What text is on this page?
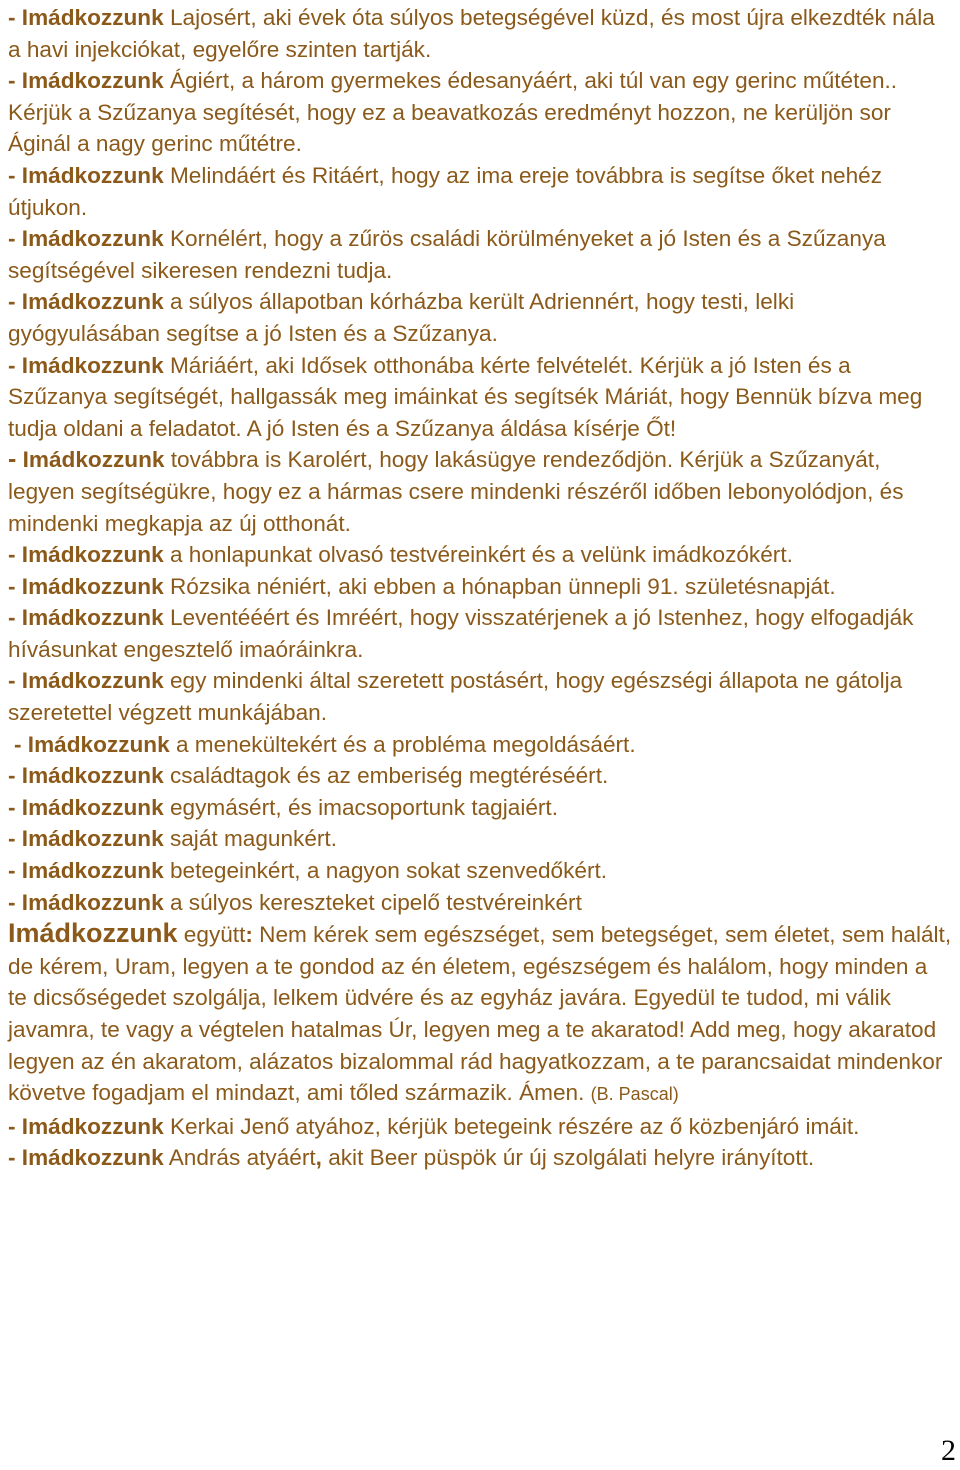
- Imádkozzunk Lajosért, aki évek óta súlyos betegségével küzd, és most újra elkezdték nála a havi injekciókat, egyelőre szinten tartják.

- Imádkozzunk Ágiért, a három gyermekes édesanyáért, aki túl van egy gerinc műtéten.. Kérjük a Szűzanya segítését, hogy ez a beavatkozás eredményt hozzon, ne kerüljön sor Áginál a nagy gerinc műtétre.

- Imádkozzunk Melindáért és Ritáért, hogy az ima ereje továbbra is segítse őket nehéz útjukon.

- Imádkozzunk Kornélért, hogy a zűrös családi körülményeket a jó Isten és a Szűzanya segítségével sikeresen rendezni tudja.

- Imádkozzunk a súlyos állapotban kórházba került Adriennért, hogy testi, lelki gyógyulásában segítse a jó Isten és a Szűzanya.

- Imádkozzunk Máriáért, aki Idősek otthonába kérte felvételét. Kérjük a jó Isten és a Szűzanya segítségét, hallgassák meg imáinkat és segítsék Máriát, hogy Bennük bízva meg tudja oldani a feladatot. A jó Isten és a Szűzanya áldása kísérje Őt!

- Imádkozzunk továbbra is Karolért, hogy lakásügye rendeződjön. Kérjük a Szűzanyát, legyen segítségükre, hogy ez a hármas csere mindenki részéről időben lebonyolódjon, és mindenki megkapja az új otthonát.

- Imádkozzunk a honlapunkat olvasó testvéreinkért és a velünk imádkozókért.

- Imádkozzunk Rózsika néniért, aki ebben a hónapban ünnepli 91. születésnapját.

- Imádkozzunk Leventééért és Imréért, hogy visszatérjenek a jó Istenhez, hogy elfogadják hívásunkat engesztelő imaóráinkra.

- Imádkozzunk egy mindenki által szeretett postásért, hogy egészségi állapota ne gátolja szeretettel végzett munkájában.

- Imádkozzunk a menekültekért és a probléma megoldásáért.

- Imádkozzunk családtagok és az emberiség megtéréséért.

- Imádkozzunk egymásért, és imacsoportunk tagjaiért.

- Imádkozzunk saját magunkért.

- Imádkozzunk betegeinkért, a nagyon sokat szenvedőkért.

- Imádkozzunk a súlyos kereszteket cipelő testvéreinkért

Imádkozzunk együtt: Nem kérek sem egészséget, sem betegséget, sem életet, sem halált, de kérem, Uram, legyen a te gondod az én életem, egészségem és halálom, hogy minden a te dicsőségedet szolgálja, lelkem üdvére és az egyház javára. Egyedül te tudod, mi válik javamra, te vagy a végtelen hatalmas Úr, legyen meg a te akaratod! Add meg, hogy akaratod legyen az én akaratom, alázatos bizalommal rád hagyatkozzam, a te parancsaidat mindenkor követve fogadjam el mindazt, ami tőled származik. Ámen. (B. Pascal)

- Imádkozzunk Kerkai Jenő atyához, kérjük betegeink részére az ő közbenjáró imáit.

- Imádkozzunk András atyáért, akit Beer püspök úr új szolgálati helyre irányított.

2
